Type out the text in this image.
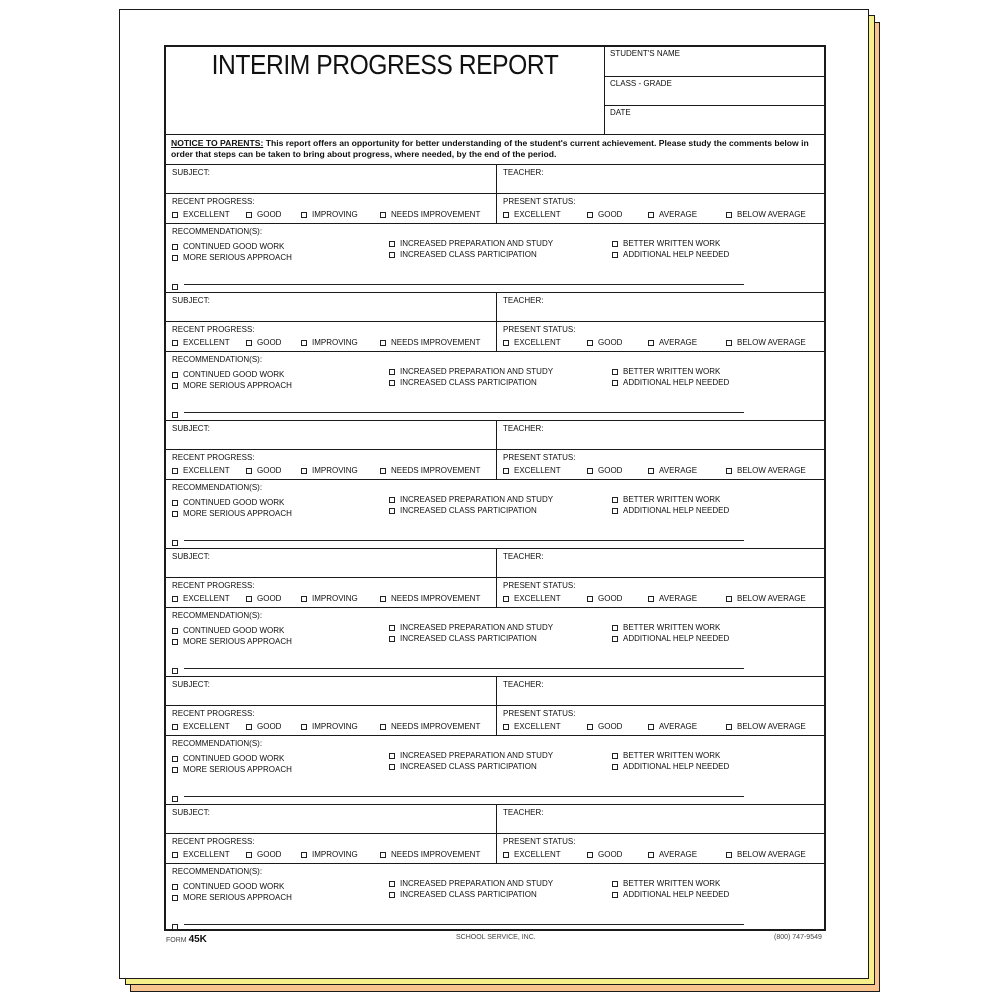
INTERIM PROGRESS REPORT	STUDENT'S NAME
CLASS - GRADE
DATE
NOTICE TO PARENTS: This report offers an opportunity for better understanding of the student's current achievement. Please study the comments below in order that steps can be taken to bring about progress, where needed, by the end of the period.
SUBJECT:	TEACHER:
RECENT PROGRESS:
EXCELLENT	GOOD	IMPROVING	NEEDS IMPROVEMENT
PRESENT STATUS:
EXCELLENT	GOOD	AVERAGE	BELOW AVERAGE
RECOMMENDATION(S):
CONTINUED GOOD WORK
MORE SERIOUS APPROACH
INCREASED PREPARATION AND STUDY
INCREASED CLASS PARTICIPATION
BETTER WRITTEN WORK
ADDITIONAL HELP NEEDED
SUBJECT:	TEACHER:
RECENT PROGRESS:
EXCELLENT	GOOD	IMPROVING	NEEDS IMPROVEMENT
PRESENT STATUS:
EXCELLENT	GOOD	AVERAGE	BELOW AVERAGE
RECOMMENDATION(S):
CONTINUED GOOD WORK
MORE SERIOUS APPROACH
INCREASED PREPARATION AND STUDY
INCREASED CLASS PARTICIPATION
BETTER WRITTEN WORK
ADDITIONAL HELP NEEDED
SUBJECT:	TEACHER:
RECENT PROGRESS:
EXCELLENT	GOOD	IMPROVING	NEEDS IMPROVEMENT
PRESENT STATUS:
EXCELLENT	GOOD	AVERAGE	BELOW AVERAGE
RECOMMENDATION(S):
CONTINUED GOOD WORK
MORE SERIOUS APPROACH
INCREASED PREPARATION AND STUDY
INCREASED CLASS PARTICIPATION
BETTER WRITTEN WORK
ADDITIONAL HELP NEEDED
SUBJECT:	TEACHER:
RECENT PROGRESS:
EXCELLENT	GOOD	IMPROVING	NEEDS IMPROVEMENT
PRESENT STATUS:
EXCELLENT	GOOD	AVERAGE	BELOW AVERAGE
RECOMMENDATION(S):
CONTINUED GOOD WORK
MORE SERIOUS APPROACH
INCREASED PREPARATION AND STUDY
INCREASED CLASS PARTICIPATION
BETTER WRITTEN WORK
ADDITIONAL HELP NEEDED
SUBJECT:	TEACHER:
RECENT PROGRESS:
EXCELLENT	GOOD	IMPROVING	NEEDS IMPROVEMENT
PRESENT STATUS:
EXCELLENT	GOOD	AVERAGE	BELOW AVERAGE
RECOMMENDATION(S):
CONTINUED GOOD WORK
MORE SERIOUS APPROACH
INCREASED PREPARATION AND STUDY
INCREASED CLASS PARTICIPATION
BETTER WRITTEN WORK
ADDITIONAL HELP NEEDED
SUBJECT:	TEACHER:
RECENT PROGRESS:
EXCELLENT	GOOD	IMPROVING	NEEDS IMPROVEMENT
PRESENT STATUS:
EXCELLENT	GOOD	AVERAGE	BELOW AVERAGE
RECOMMENDATION(S):
CONTINUED GOOD WORK
MORE SERIOUS APPROACH
INCREASED PREPARATION AND STUDY
INCREASED CLASS PARTICIPATION
BETTER WRITTEN WORK
ADDITIONAL HELP NEEDED
FORM 45K	SCHOOL SERVICE, INC.	(800) 747-9549
